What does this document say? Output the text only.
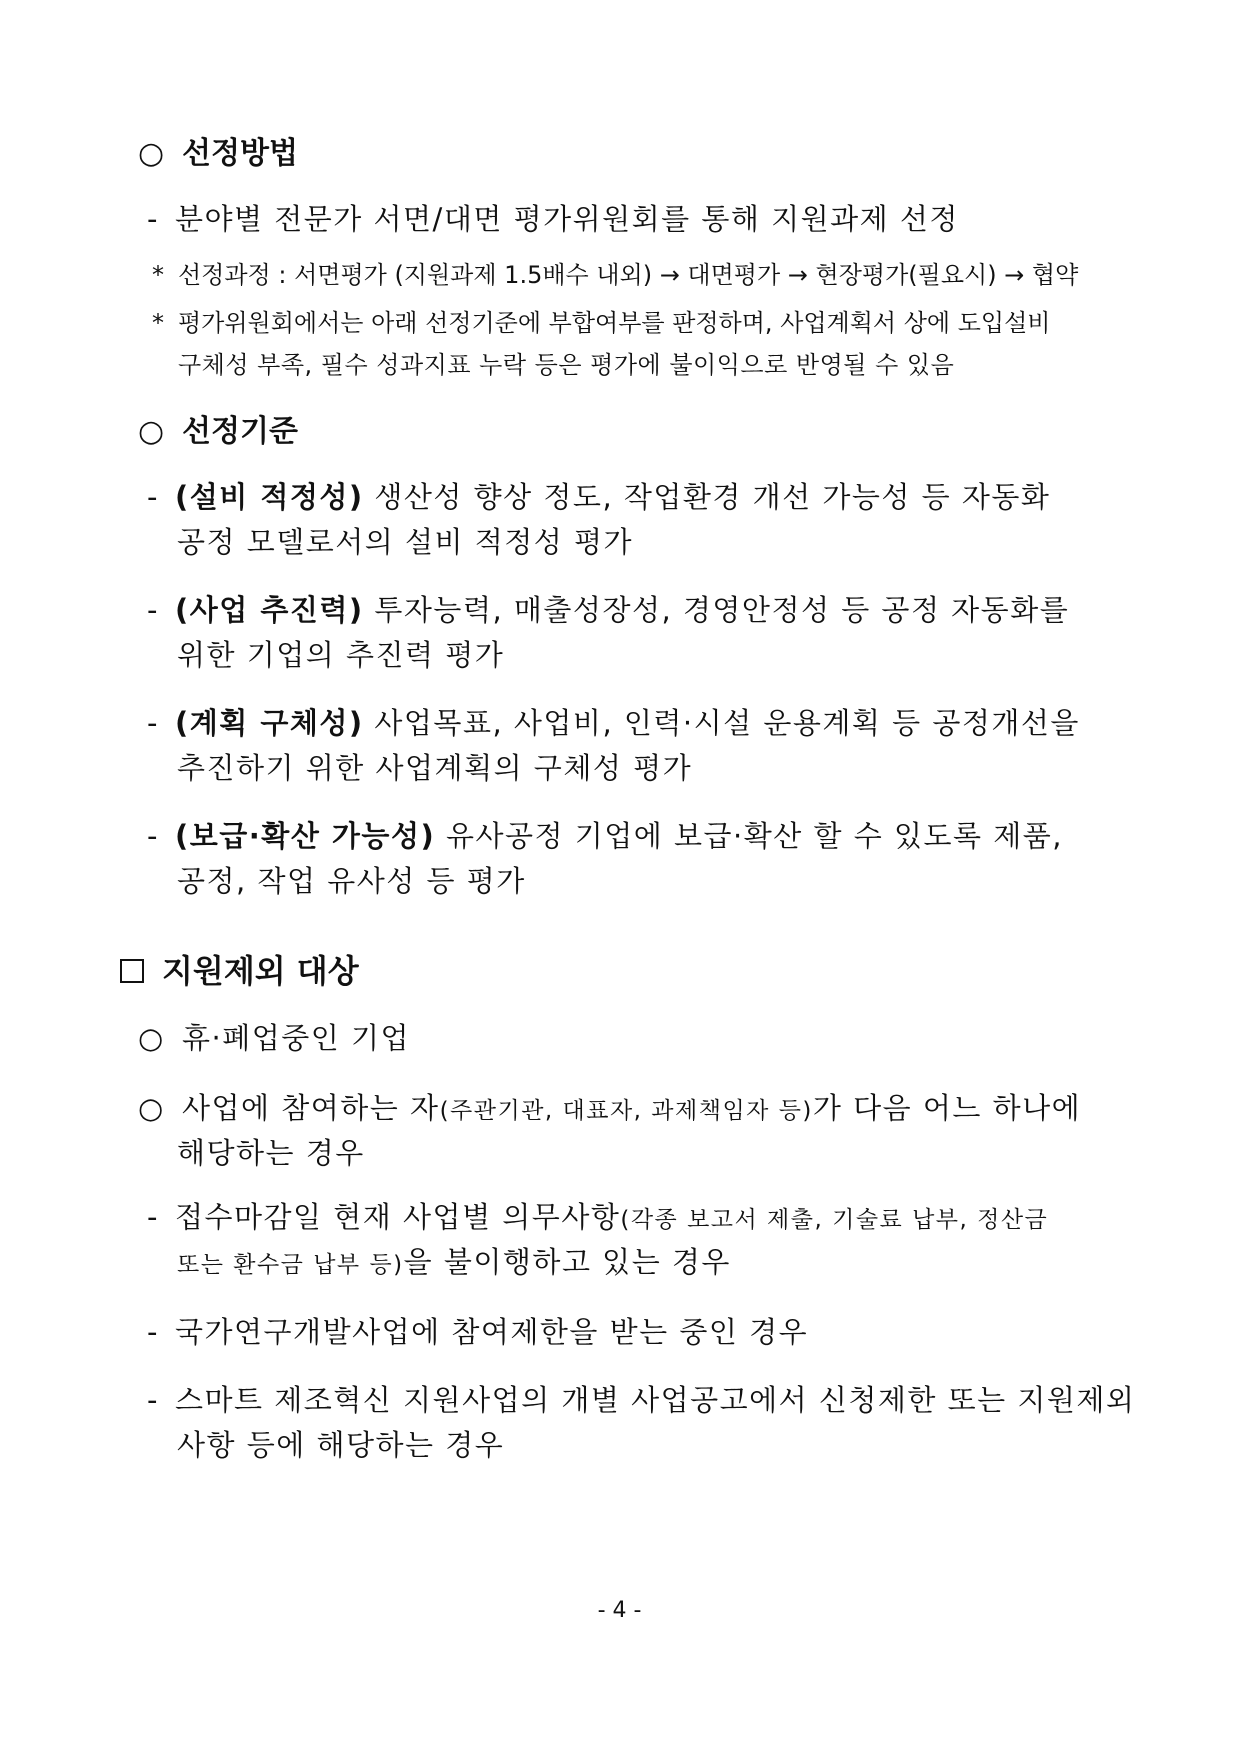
○ 선정방법
- 분야별 전문가 서면/대면 평가위원회를 통해 지원과제 선정
* 선정과정 : 서면평가 (지원과제 1.5배수 내외) → 대면평가 → 현장평가(필요시) → 협약
* 평가위원회에서는 아래 선정기준에 부합여부를 판정하며, 사업계획서 상에 도입설비
구체성 부족, 필수 성과지표 누락 등은 평가에 불이익으로 반영될 수 있음
○ 선정기준
- (설비 적정성) 생산성 향상 정도, 작업환경 개선 가능성 등 자동화
공정 모델로서의 설비 적정성 평가
- (사업 추진력) 투자능력, 매출성장성, 경영안정성 등 공정 자동화를
위한 기업의 추진력 평가
- (계획 구체성) 사업목표, 사업비, 인력·시설 운용계획 등 공정개선을
추진하기 위한 사업계획의 구체성 평가
- (보급·확산 가능성) 유사공정 기업에 보급·확산 할 수 있도록 제품,
공정, 작업 유사성 등 평가
지원제외 대상
○ 휴·폐업중인 기업
○ 사업에 참여하는 자(주관기관, 대표자, 과제책임자 등)가 다음 어느 하나에
해당하는 경우
- 접수마감일 현재 사업별 의무사항(각종 보고서 제출, 기술료 납부, 정산금
또는 환수금 납부 등)을 불이행하고 있는 경우
- 국가연구개발사업에 참여제한을 받는 중인 경우
- 스마트 제조혁신 지원사업의 개별 사업공고에서 신청제한 또는 지원제외
사항 등에 해당하는 경우
- 4 -
